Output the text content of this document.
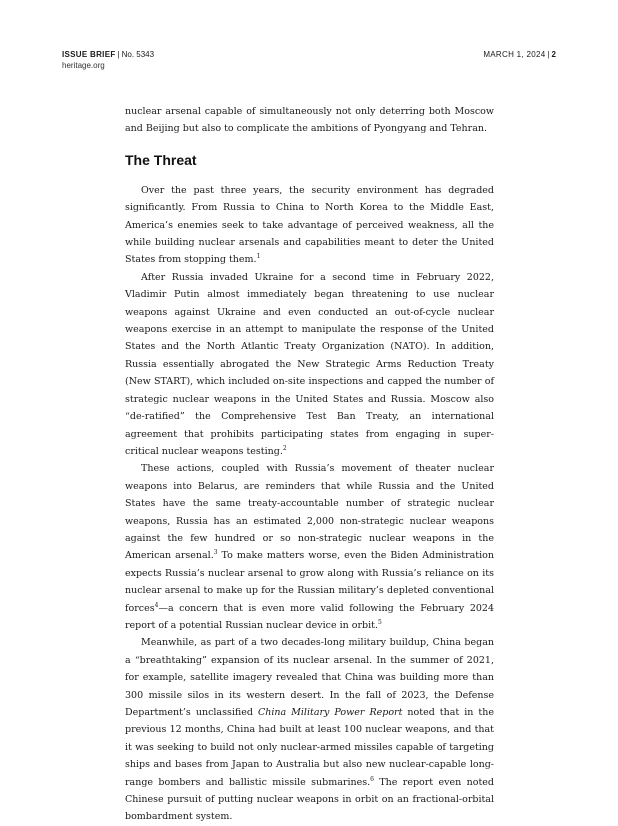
ISSUE BRIEF | No. 5343
heritage.org
MARCH 1, 2024 | 2

nuclear arsenal capable of simultaneously not only deterring both Moscow and Beijing but also to complicate the ambitions of Pyongyang and Tehran.

The Threat

Over the past three years, the security environment has degraded significantly. From Russia to China to North Korea to the Middle East, America’s enemies seek to take advantage of perceived weakness, all the while building nuclear arsenals and capabilities meant to deter the United States from stopping them.$^1$

After Russia invaded Ukraine for a second time in February 2022, Vladimir Putin almost immediately began threatening to use nuclear weapons against Ukraine and even conducted an out-of-cycle nuclear weapons exercise in an attempt to manipulate the response of the United States and the North Atlantic Treaty Organization (NATO). In addition, Russia essentially abrogated the New Strategic Arms Reduction Treaty (New START), which included on-site inspections and capped the number of strategic nuclear weapons in the United States and Russia. Moscow also “de-ratified” the Comprehensive Test Ban Treaty, an international agreement that prohibits participating states from engaging in super-critical nuclear weapons testing.$^2$

These actions, coupled with Russia’s movement of theater nuclear weapons into Belarus, are reminders that while Russia and the United States have the same treaty-accountable number of strategic nuclear weapons, Russia has an estimated 2,000 non-strategic nuclear weapons against the few hundred or so non-strategic nuclear weapons in the American arsenal.$^3$ To make matters worse, even the Biden Administration expects Russia’s nuclear arsenal to grow along with Russia’s reliance on its nuclear arsenal to make up for the Russian military’s depleted conventional forces$^4$—a concern that is even more valid following the February 2024 report of a potential Russian nuclear device in orbit.$^5$

Meanwhile, as part of a two decades-long military buildup, China began a “breathtaking” expansion of its nuclear arsenal. In the summer of 2021, for example, satellite imagery revealed that China was building more than 300 missile silos in its western desert. In the fall of 2023, the Defense Department’s unclassified China Military Power Report noted that in the previous 12 months, China had built at least 100 nuclear weapons, and that it was seeking to build not only nuclear-armed missiles capable of targeting ships and bases from Japan to Australia but also new nuclear-capable long-range bombers and ballistic missile submarines.$^6$ The report even noted Chinese pursuit of putting nuclear weapons in orbit on an fractional-orbital bombardment system.
